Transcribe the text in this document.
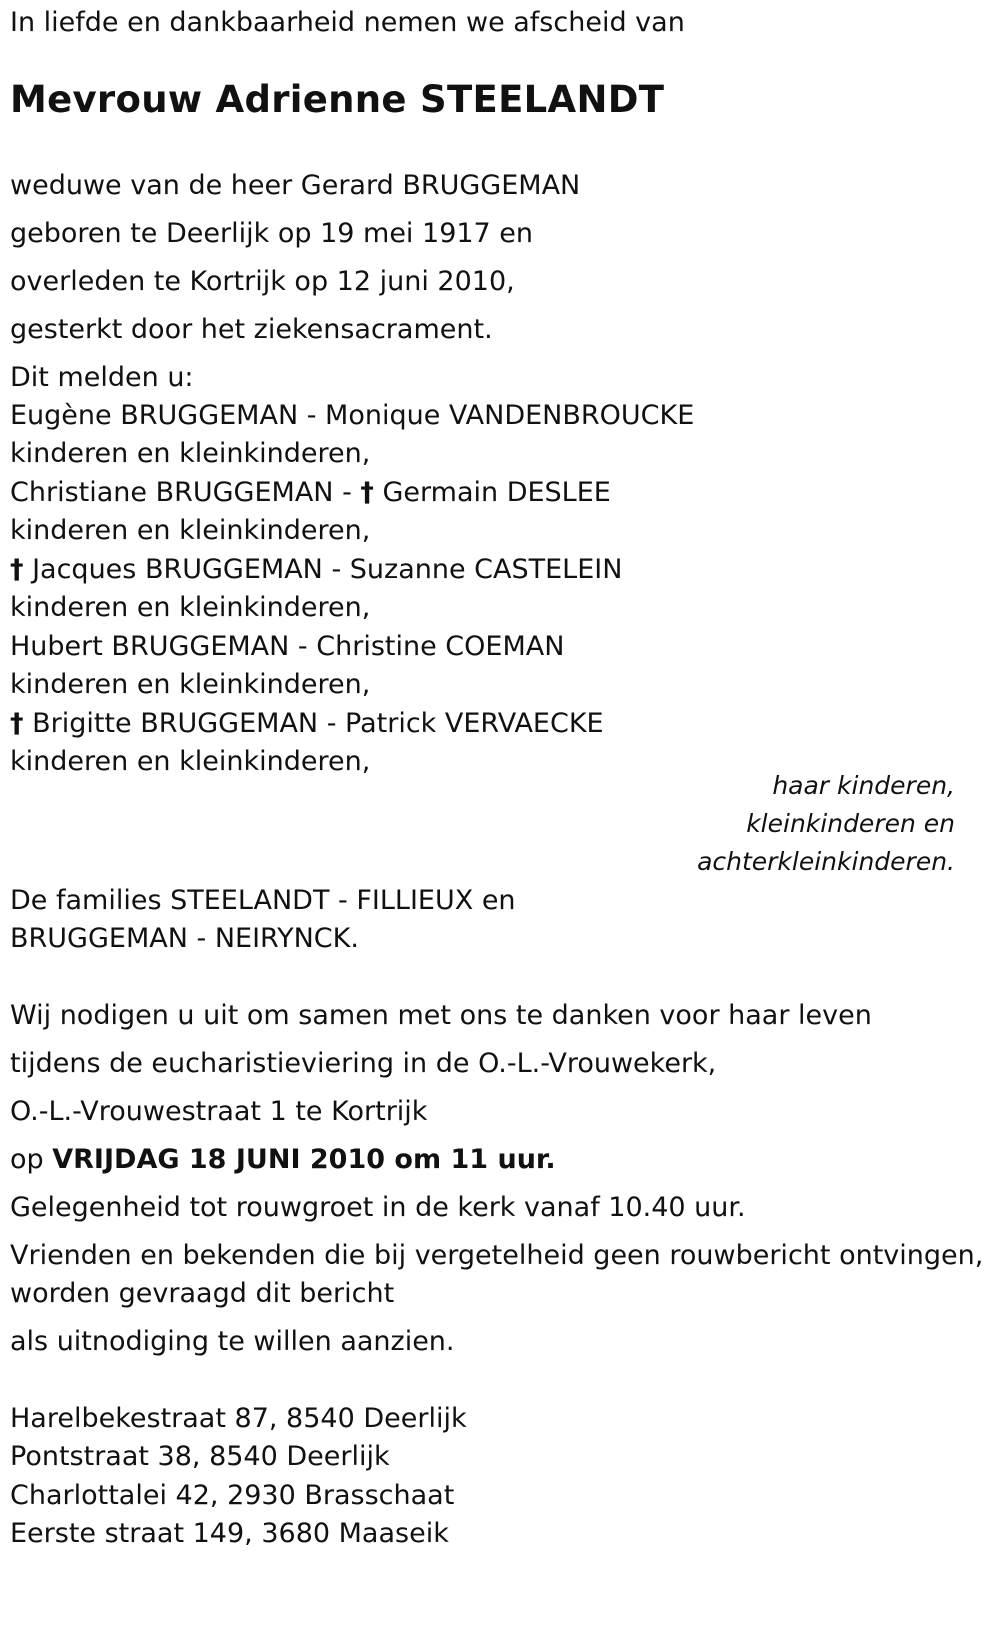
In liefde en dankbaarheid nemen we afscheid van
Mevrouw Adrienne STEELANDT
weduwe van de heer Gerard BRUGGEMAN
geboren te Deerlijk op 19 mei 1917 en
overleden te Kortrijk op 12 juni 2010,
gesterkt door het ziekensacrament.
Dit melden u:
Eugène BRUGGEMAN - Monique VANDENBROUCKE
kinderen en kleinkinderen,
Christiane BRUGGEMAN - † Germain DESLEE
kinderen en kleinkinderen,
† Jacques BRUGGEMAN - Suzanne CASTELEIN
kinderen en kleinkinderen,
Hubert BRUGGEMAN - Christine COEMAN
kinderen en kleinkinderen,
† Brigitte BRUGGEMAN - Patrick VERVAECKE
kinderen en kleinkinderen,
haar kinderen,
kleinkinderen en
achterkleinkinderen.
De families STEELANDT - FILLIEUX en
BRUGGEMAN - NEIRYNCK.
Wij nodigen u uit om samen met ons te danken voor haar leven
tijdens de eucharistieviering in de O.-L.-Vrouwekerk,
O.-L.-Vrouwestraat 1 te Kortrijk
op VRIJDAG 18 JUNI 2010 om 11 uur.
Gelegenheid tot rouwgroet in de kerk vanaf 10.40 uur.
Vrienden en bekenden die bij vergetelheid geen rouwbericht ontvingen,
worden gevraagd dit bericht
als uitnodiging te willen aanzien.
Harelbekestraat 87, 8540 Deerlijk
Pontstraat 38, 8540 Deerlijk
Charlottalei 42, 2930 Brasschaat
Eerste straat 149, 3680 Maaseik
